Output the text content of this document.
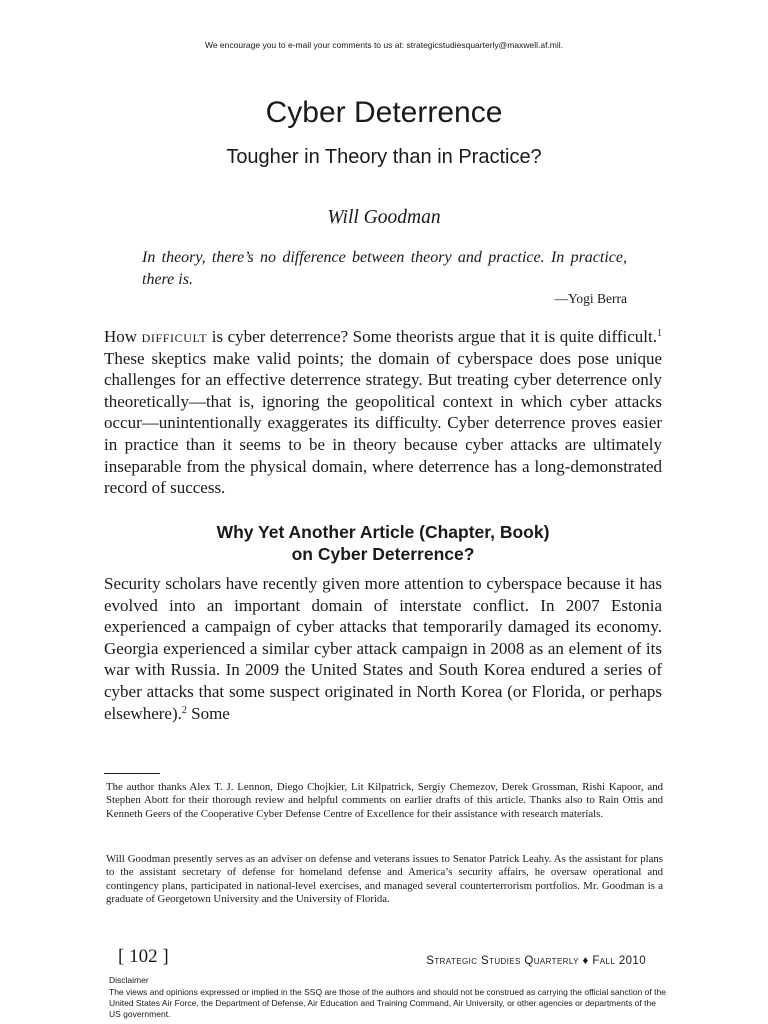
We encourage you to e-mail your comments to us at: strategicstudiesquarterly@maxwell.af.mil.
Cyber Deterrence
Tougher in Theory than in Practice?
Will Goodman
In theory, there’s no difference between theory and practice. In practice, there is.
—Yogi Berra

How difficult is cyber deterrence? Some theorists argue that it is quite difficult.$^1$ These skeptics make valid points; the domain of cyberspace does pose unique challenges for an effective deterrence strategy. But treating cyber deterrence only theoretically—that is, ignoring the geopolitical context in which cyber attacks occur—unintentionally exaggerates its difficulty. Cyber deterrence proves easier in practice than it seems to be in theory because cyber attacks are ultimately inseparable from the physical domain, where deterrence has a long-demonstrated record of success.

Why Yet Another Article (Chapter, Book)
on Cyber Deterrence?

Security scholars have recently given more attention to cyberspace because it has evolved into an important domain of interstate conflict. In 2007 Estonia experienced a campaign of cyber attacks that temporarily damaged its economy. Georgia experienced a similar cyber attack campaign in 2008 as an element of its war with Russia. In 2009 the United States and South Korea endured a series of cyber attacks that some suspect originated in North Korea (or Florida, or perhaps elsewhere).$^2$ Some

The author thanks Alex T. J. Lennon, Diego Chojkier, Lit Kilpatrick, Sergiy Chemezov, Derek Grossman, Rishi Kapoor, and Stephen Abott for their thorough review and helpful comments on earlier drafts of this article. Thanks also to Rain Ottis and Kenneth Geers of the Cooperative Cyber Defense Centre of Excellence for their assistance with research materials.

Will Goodman presently serves as an adviser on defense and veterans issues to Senator Patrick Leahy. As the assistant for plans to the assistant secretary of defense for homeland defense and America’s security affairs, he oversaw operational and contingency plans, participated in national-level exercises, and managed several counterterrorism portfolios. Mr. Goodman is a graduate of Georgetown University and the University of Florida.

[ 102 ]	Strategic Studies Quarterly ♦ Fall 2010
Disclaimer
The views and opinions expressed or implied in the SSQ are those of the authors and should not be construed as carrying the official sanction of the United States Air Force, the Department of Defense, Air Education and Training Command, Air University, or other agencies or departments of the US government.
